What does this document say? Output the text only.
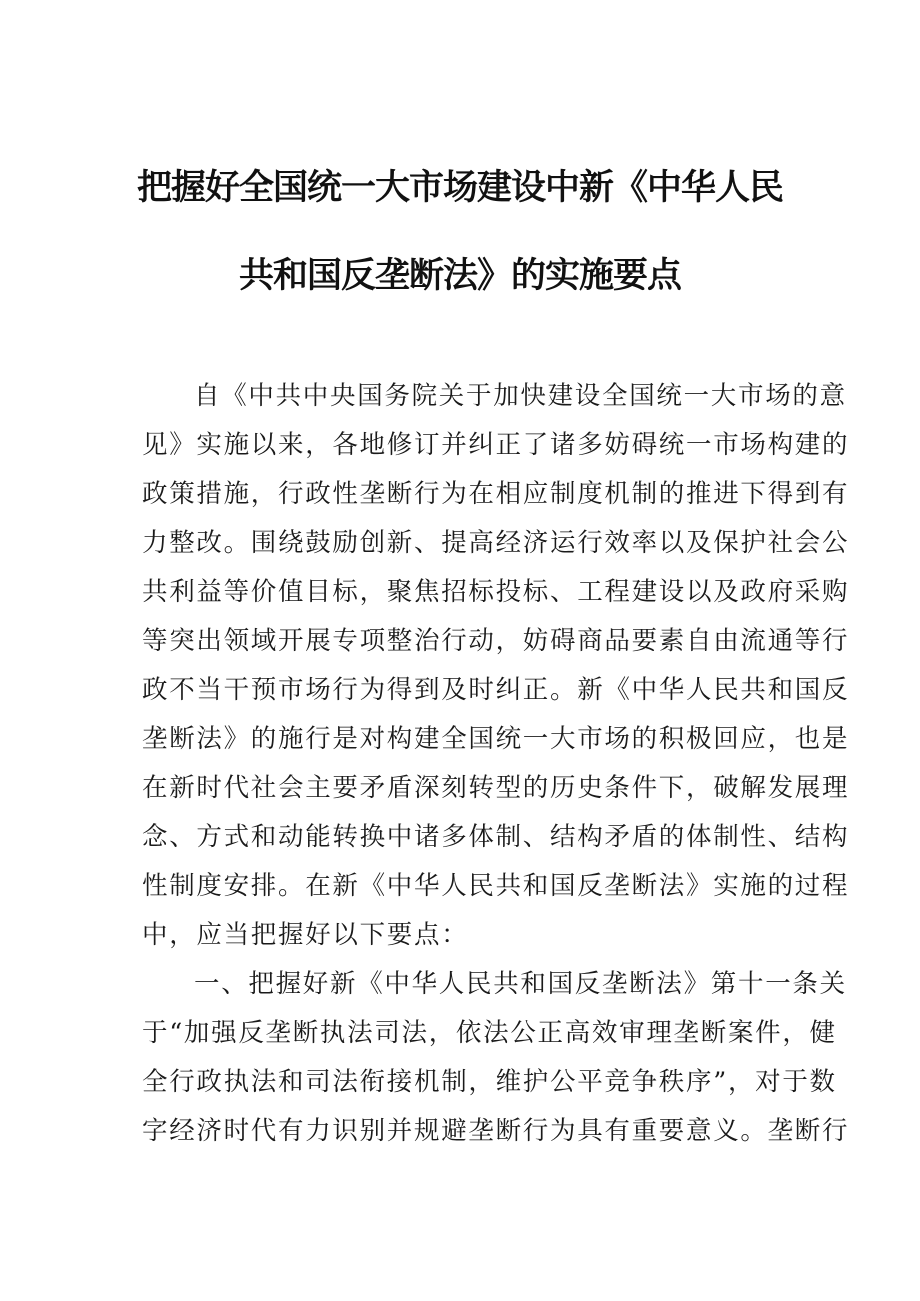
把握好全国统一大市场建设中新《中华人民
共和国反垄断法》的实施要点
自《中共中央国务院关于加快建设全国统一大市场的意
见》实施以来，各地修订并纠正了诸多妨碍统一市场构建的
政策措施，行政性垄断行为在相应制度机制的推进下得到有
力整改。围绕鼓励创新、提高经济运行效率以及保护社会公
共利益等价值目标，聚焦招标投标、工程建设以及政府采购
等突出领域开展专项整治行动，妨碍商品要素自由流通等行
政不当干预市场行为得到及时纠正。新《中华人民共和国反
垄断法》的施行是对构建全国统一大市场的积极回应，也是
在新时代社会主要矛盾深刻转型的历史条件下，破解发展理
念、方式和动能转换中诸多体制、结构矛盾的体制性、结构
性制度安排。在新《中华人民共和国反垄断法》实施的过程
中，应当把握好以下要点：
一、把握好新《中华人民共和国反垄断法》第十一条关
于“加强反垄断执法司法，依法公正高效审理垄断案件，健
全行政执法和司法衔接机制，维护公平竞争秩序”，对于数
字经济时代有力识别并规避垄断行为具有重要意义。垄断行
